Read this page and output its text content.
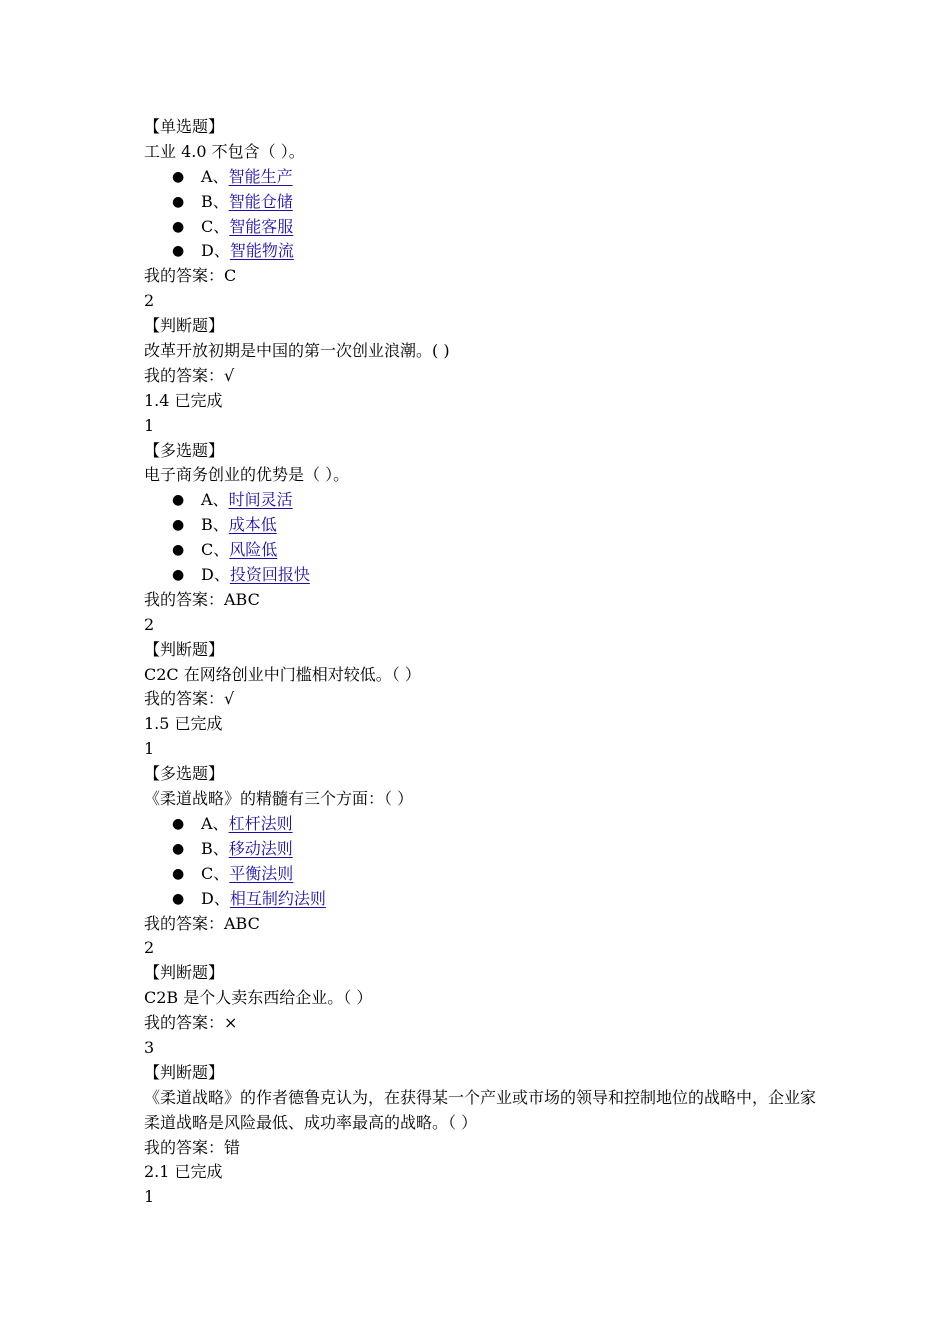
【单选题】
工业 4.0 不包含（ ）。
● A、智能生产
● B、智能仓储
● C、智能客服
● D、智能物流
我的答案：C
2
【判断题】
改革开放初期是中国的第一次创业浪潮。( )
我的答案：√
1.4 已完成
1
【多选题】
电子商务创业的优势是（ ）。
● A、时间灵活
● B、成本低
● C、风险低
● D、投资回报快
我的答案：ABC
2
【判断题】
C2C 在网络创业中门槛相对较低。（ ）
我的答案：√
1.5 已完成
1
【多选题】
《柔道战略》的精髓有三个方面：（ ）
● A、杠杆法则
● B、移动法则
● C、平衡法则
● D、相互制约法则
我的答案：ABC
2
【判断题】
C2B 是个人卖东西给企业。（ ）
我的答案：×
3
【判断题】
《柔道战略》的作者德鲁克认为，在获得某一个产业或市场的领导和控制地位的战略中，企业家柔道战略是风险最低、成功率最高的战略。（ ）
我的答案：错
2.1 已完成
1
